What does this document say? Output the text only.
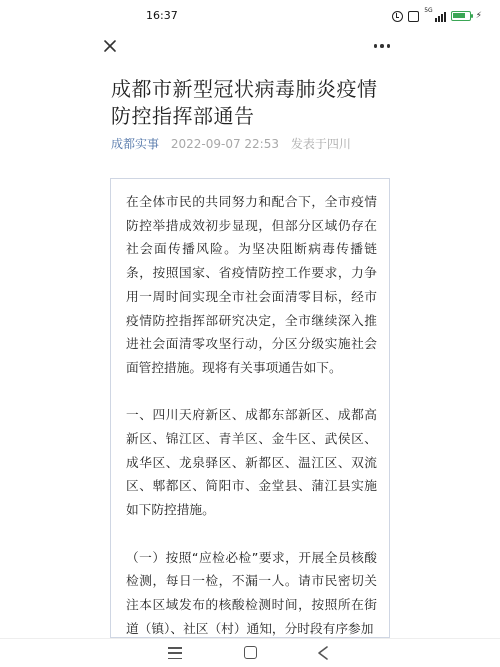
16:37	5G
⚡
成都市新型冠状病毒肺炎疫情防控指挥部通告
成都实事 2022-09-07 22:53 发表于四川

在全体市民的共同努力和配合下，全市疫情防控举措成效初步显现，但部分区域仍存在社会面传播风险。为坚决阻断病毒传播链条，按照国家、省疫情防控工作要求，力争用一周时间实现全市社会面清零目标，经市疫情防控指挥部研究决定，全市继续深入推进社会面清零攻坚行动，分区分级实施社会面管控措施。现将有关事项通告如下。

一、四川天府新区、成都东部新区、成都高新区、锦江区、青羊区、金牛区、武侯区、成华区、龙泉驿区、新都区、温江区、双流区、郫都区、简阳市、金堂县、蒲江县实施如下防控措施。

（一）按照“应检必检”要求，开展全员核酸检测，每日一检，不漏一人。请市民密切关注本区域发布的核酸检测时间，按照所在街道（镇）、社区（村）通知，分时段有序参加
